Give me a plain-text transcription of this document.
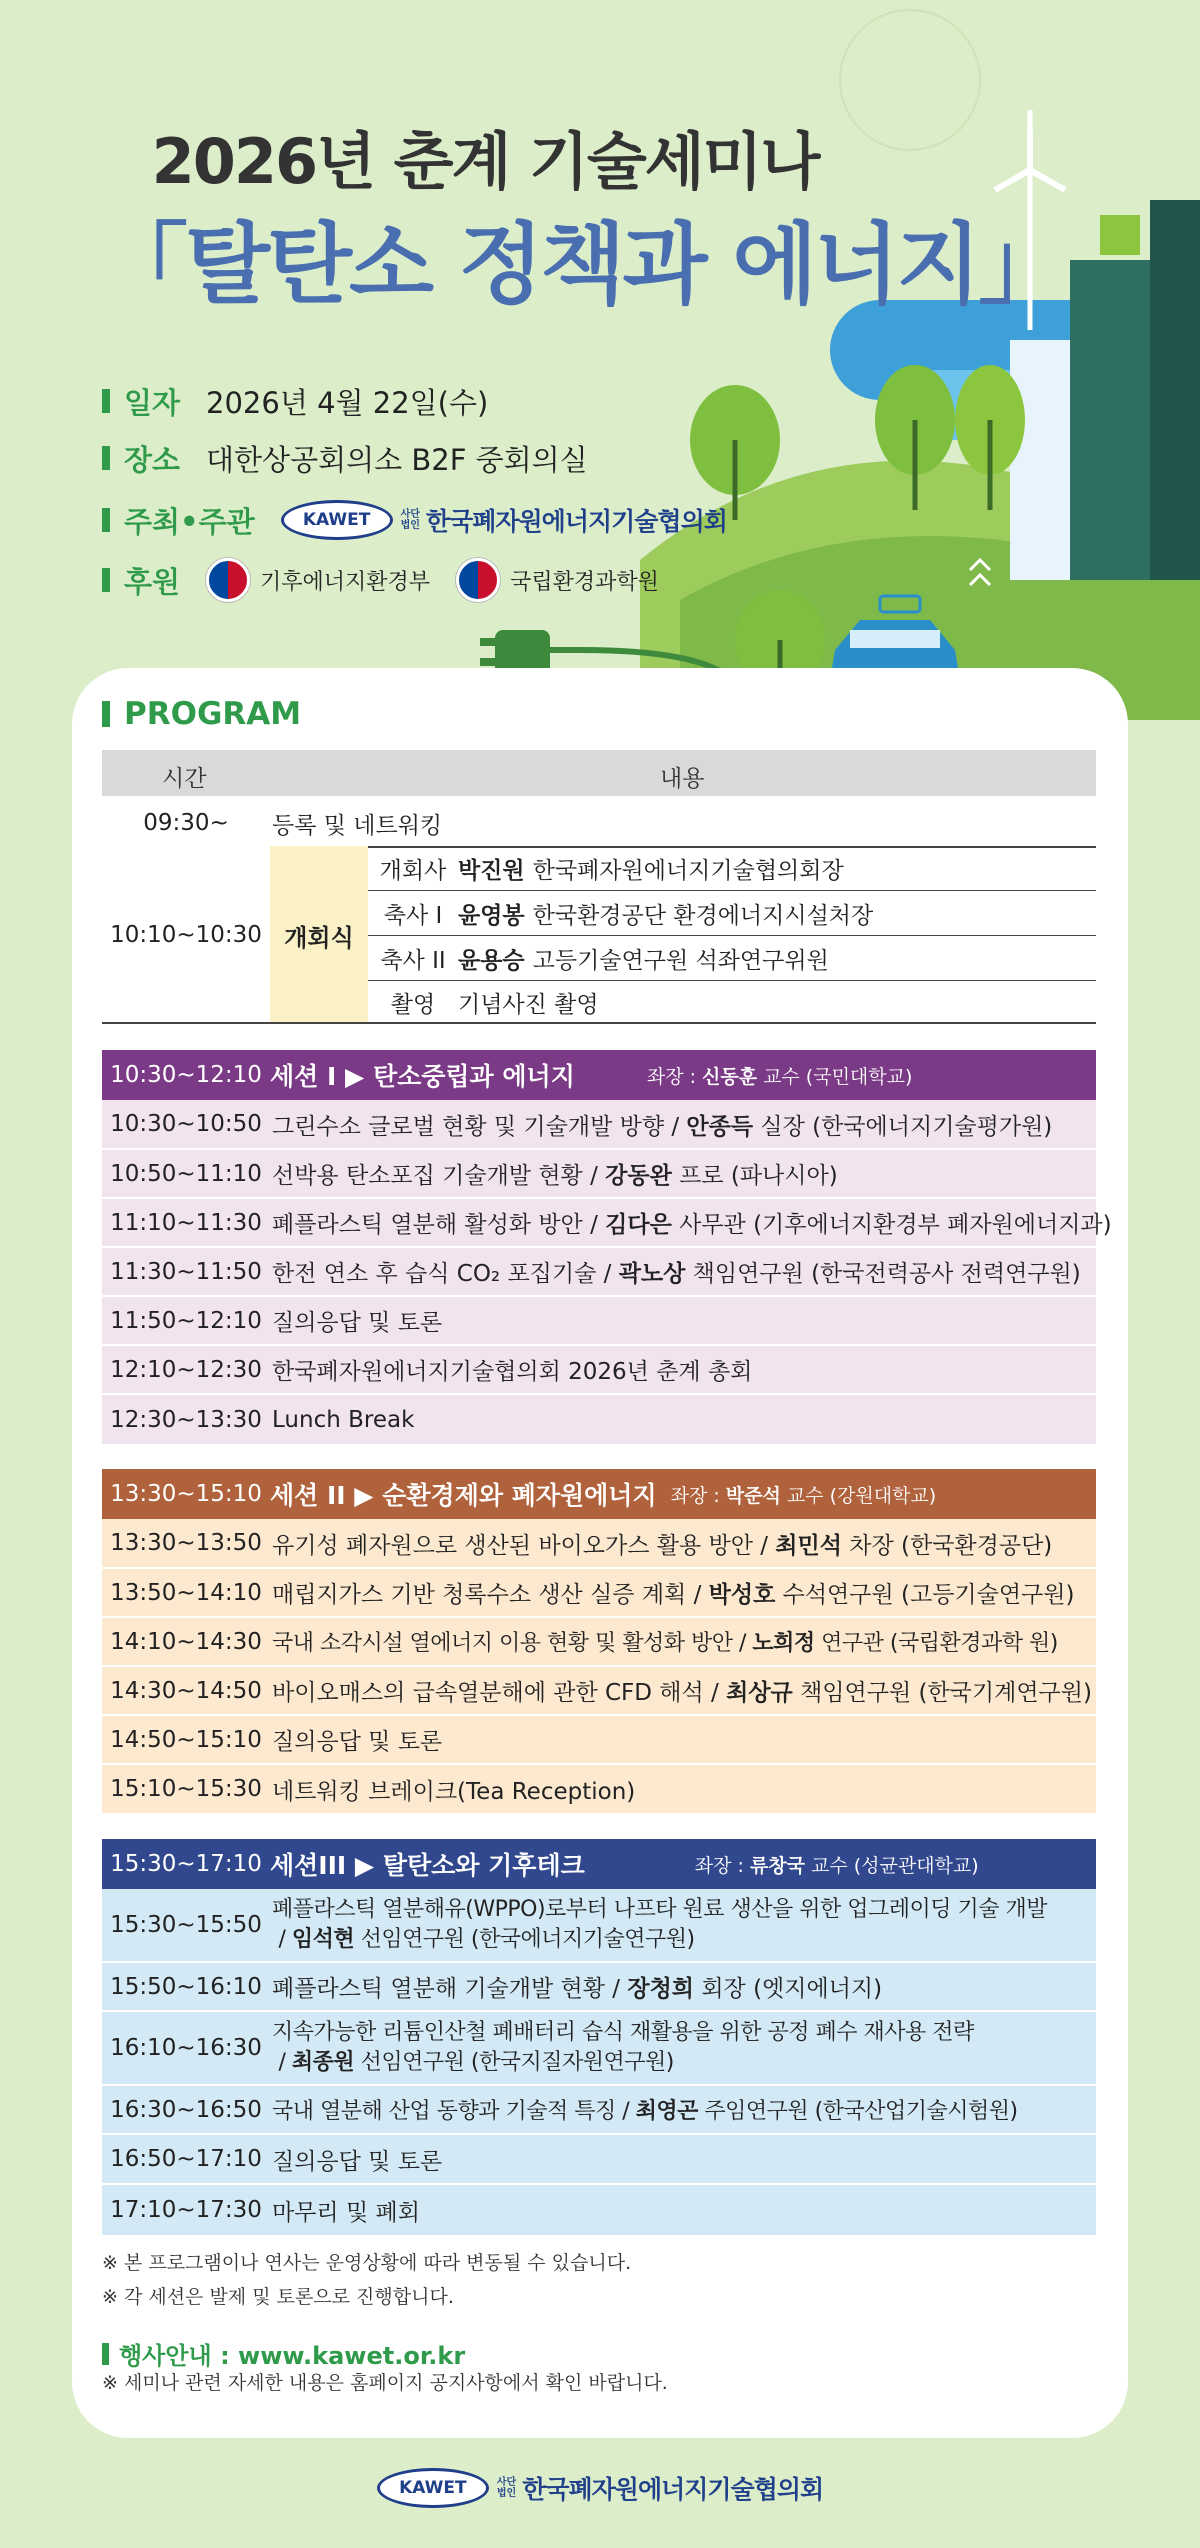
2026년 춘계 기술세미나
「탈탄소 정책과 에너지」
일자 2026년 4월 22일(수)
장소 대한상공회의소 B2F 중회의실
주최•주관	KAWET	사단
법인 한국폐자원에너지기술협의회
후원	기후에너지환경부	국립환경과학원
PROGRAM
시간	내용
09:30~	등록 및 네트워킹
10:10~10:30 개회식
개회사 박진원 한국폐자원에너지기술협의회장
축사 I 윤영봉 한국환경공단 환경에너지시설처장
축사 II 윤용승 고등기술연구원 석좌연구위원
촬영 기념사진 촬영
10:30~12:10 세션 I ▶ 탄소중립과 에너지	좌장 : 신동훈 교수 (국민대학교)
10:30~10:50 그린수소 글로벌 현황 및 기술개발 방향 / 안종득 실장 (한국에너지기술평가원)
10:50~11:10 선박용 탄소포집 기술개발 현황 / 강동완 프로 (파나시아)
11:10~11:30 폐플라스틱 열분해 활성화 방안 / 김다은 사무관 (기후에너지환경부 폐자원에너지과)
11:30~11:50 한전 연소 후 습식 CO₂ 포집기술 / 곽노상 책임연구원 (한국전력공사 전력연구원)
11:50~12:10 질의응답 및 토론
12:10~12:30 한국폐자원에너지기술협의회 2026년 춘계 총회
12:30~13:30 Lunch Break
13:30~15:10 세션 II ▶ 순환경제와 폐자원에너지 좌장 : 박준석 교수 (강원대학교)
13:30~13:50 유기성 폐자원으로 생산된 바이오가스 활용 방안 / 최민석 차장 (한국환경공단)
13:50~14:10 매립지가스 기반 청록수소 생산 실증 계획 / 박성호 수석연구원 (고등기술연구원)
14:10~14:30 국내 소각시설 열에너지 이용 현황 및 활성화 방안 / 노희정 연구관 (국립환경과학 원)
14:30~14:50 바이오매스의 급속열분해에 관한 CFD 해석 / 최상규 책임연구원 (한국기계연구원)
14:50~15:10 질의응답 및 토론
15:10~15:30 네트워킹 브레이크(Tea Reception)
15:30~17:10 세션III ▶ 탈탄소와 기후테크	좌장 : 류창국 교수 (성균관대학교)
15:30~15:50
폐플라스틱 열분해유(WPPO)로부터 나프타 원료 생산을 위한 업그레이딩 기술 개발
/ 임석현 선임연구원 (한국에너지기술연구원)
15:50~16:10 폐플라스틱 열분해 기술개발 현황 / 장청희 회장 (엣지에너지)
16:10~16:30
지속가능한 리튬인산철 폐배터리 습식 재활용을 위한 공정 폐수 재사용 전략
/ 최종원 선임연구원 (한국지질자원연구원)
16:30~16:50 국내 열분해 산업 동향과 기술적 특징 / 최영곤 주임연구원 (한국산업기술시험원)
16:50~17:10 질의응답 및 토론
17:10~17:30 마무리 및 폐회
※ 본 프로그램이나 연사는 운영상황에 따라 변동될 수 있습니다.
※ 각 세션은 발제 및 토론으로 진행합니다.
행사안내 : www.kawet.or.kr
※ 세미나 관련 자세한 내용은 홈페이지 공지사항에서 확인 바랍니다.
KAWET	사단
법인 한국폐자원에너지기술협의회
